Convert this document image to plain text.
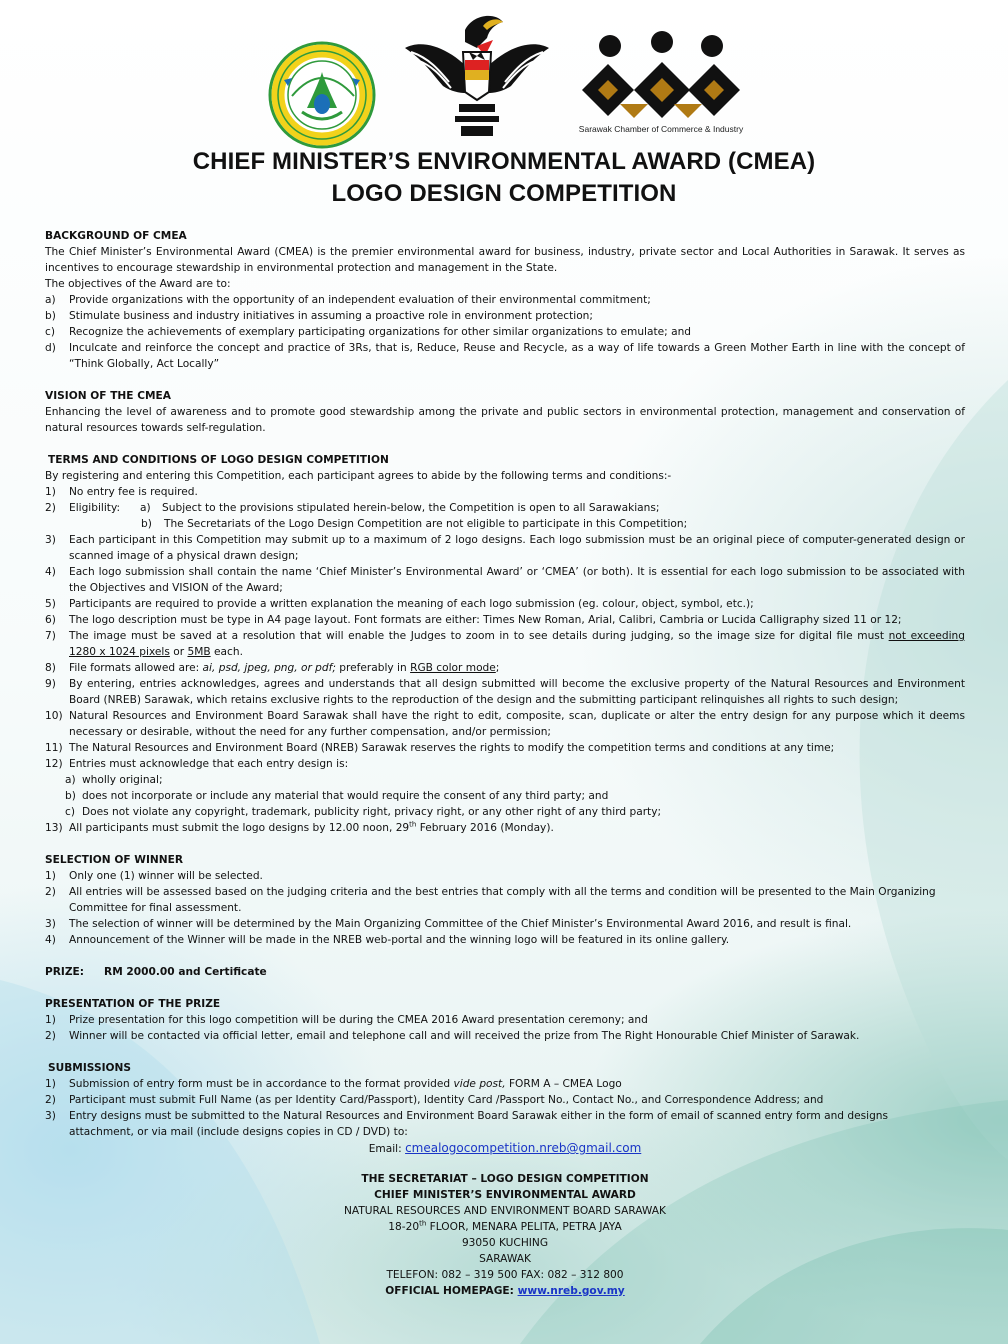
Sarawak Chamber of Commerce & Industry
CHIEF MINISTER’S ENVIRONMENTAL AWARD (CMEA)
LOGO DESIGN COMPETITION
BACKGROUND OF CMEA
The Chief Minister’s Environmental Award (CMEA) is the premier environmental award for business, industry, private sector and Local Authorities in Sarawak. It serves as
incentives to encourage stewardship in environmental protection and management in the State.
The objectives of the Award are to:
a)	Provide organizations with the opportunity of an independent evaluation of their environmental commitment;
b)	Stimulate business and industry initiatives in assuming a proactive role in environment protection;
c)	Recognize the achievements of exemplary participating organizations for other similar organizations to emulate; and
d)	Inculcate and reinforce the concept and practice of 3Rs, that is, Reduce, Reuse and Recycle, as a way of life towards a Green Mother Earth in line with the concept of
“Think Globally, Act Locally”
VISION OF THE CMEA
Enhancing the level of awareness and to promote good stewardship among the private and public sectors in environmental protection, management and conservation of
natural resources towards self-regulation.
TERMS AND CONDITIONS OF LOGO DESIGN COMPETITION
By registering and entering this Competition, each participant agrees to abide by the following terms and conditions:-
1)	No entry fee is required.
2)	Eligibility: a) Subject to the provisions stipulated herein-below, the Competition is open to all Sarawakians;
b)	The Secretariats of the Logo Design Competition are not eligible to participate in this Competition;
3)	Each participant in this Competition may submit up to a maximum of 2 logo designs. Each logo submission must be an original piece of computer-generated design or
scanned image of a physical drawn design;
4)	Each logo submission shall contain the name ‘Chief Minister’s Environmental Award’ or ‘CMEA’ (or both). It is essential for each logo submission to be associated with
the Objectives and VISION of the Award;
5)	Participants are required to provide a written explanation the meaning of each logo submission (eg. colour, object, symbol, etc.);
6)	The logo description must be type in A4 page layout. Font formats are either: Times New Roman, Arial, Calibri, Cambria or Lucida Calligraphy sized 11 or 12;
7)	The image must be saved at a resolution that will enable the Judges to zoom in to see details during judging, so the image size for digital file must not exceeding
1280 x 1024 pixels or 5MB each.
8)	File formats allowed are: ai, psd, jpeg, png, or pdf; preferably in RGB color mode;
9)	By entering, entries acknowledges, agrees and understands that all design submitted will become the exclusive property of the Natural Resources and Environment
Board (NREB) Sarawak, which retains exclusive rights to the reproduction of the design and the submitting participant relinquishes all rights to such design;
10) Natural Resources and Environment Board Sarawak shall have the right to edit, composite, scan, duplicate or alter the entry design for any purpose which it deems
necessary or desirable, without the need for any further compensation, and/or permission;
11) The Natural Resources and Environment Board (NREB) Sarawak reserves the rights to modify the competition terms and conditions at any time;
12) Entries must acknowledge that each entry design is:
a) wholly original;
b) does not incorporate or include any material that would require the consent of any third party; and
c) Does not violate any copyright, trademark, publicity right, privacy right, or any other right of any third party;
13) All participants must submit the logo designs by 12.00 noon, 29th February 2016 (Monday).
SELECTION OF WINNER
1)	Only one (1) winner will be selected.
2)	All entries will be assessed based on the judging criteria and the best entries that comply with all the terms and condition will be presented to the Main Organizing
Committee for final assessment.
3)	The selection of winner will be determined by the Main Organizing Committee of the Chief Minister’s Environmental Award 2016, and result is final.
4)	Announcement of the Winner will be made in the NREB web-portal and the winning logo will be featured in its online gallery.
PRIZE: RM 2000.00 and Certificate
PRESENTATION OF THE PRIZE
1)	Prize presentation for this logo competition will be during the CMEA 2016 Award presentation ceremony; and
2)	Winner will be contacted via official letter, email and telephone call and will received the prize from The Right Honourable Chief Minister of Sarawak.
SUBMISSIONS
1)	Submission of entry form must be in accordance to the format provided vide post, FORM A – CMEA Logo
2)	Participant must submit Full Name (as per Identity Card/Passport), Identity Card /Passport No., Contact No., and Correspondence Address; and
3)	Entry designs must be submitted to the Natural Resources and Environment Board Sarawak either in the form of email of scanned entry form and designs
attachment, or via mail (include designs copies in CD / DVD) to:
Email: cmealogocompetition.nreb@gmail.com
THE SECRETARIAT – LOGO DESIGN COMPETITION
CHIEF MINISTER’S ENVIRONMENTAL AWARD
NATURAL RESOURCES AND ENVIRONMENT BOARD SARAWAK
18-20th FLOOR, MENARA PELITA, PETRA JAYA
93050 KUCHING
SARAWAK
TELEFON: 082 – 319 500 FAX: 082 – 312 800
OFFICIAL HOMEPAGE: www.nreb.gov.my
